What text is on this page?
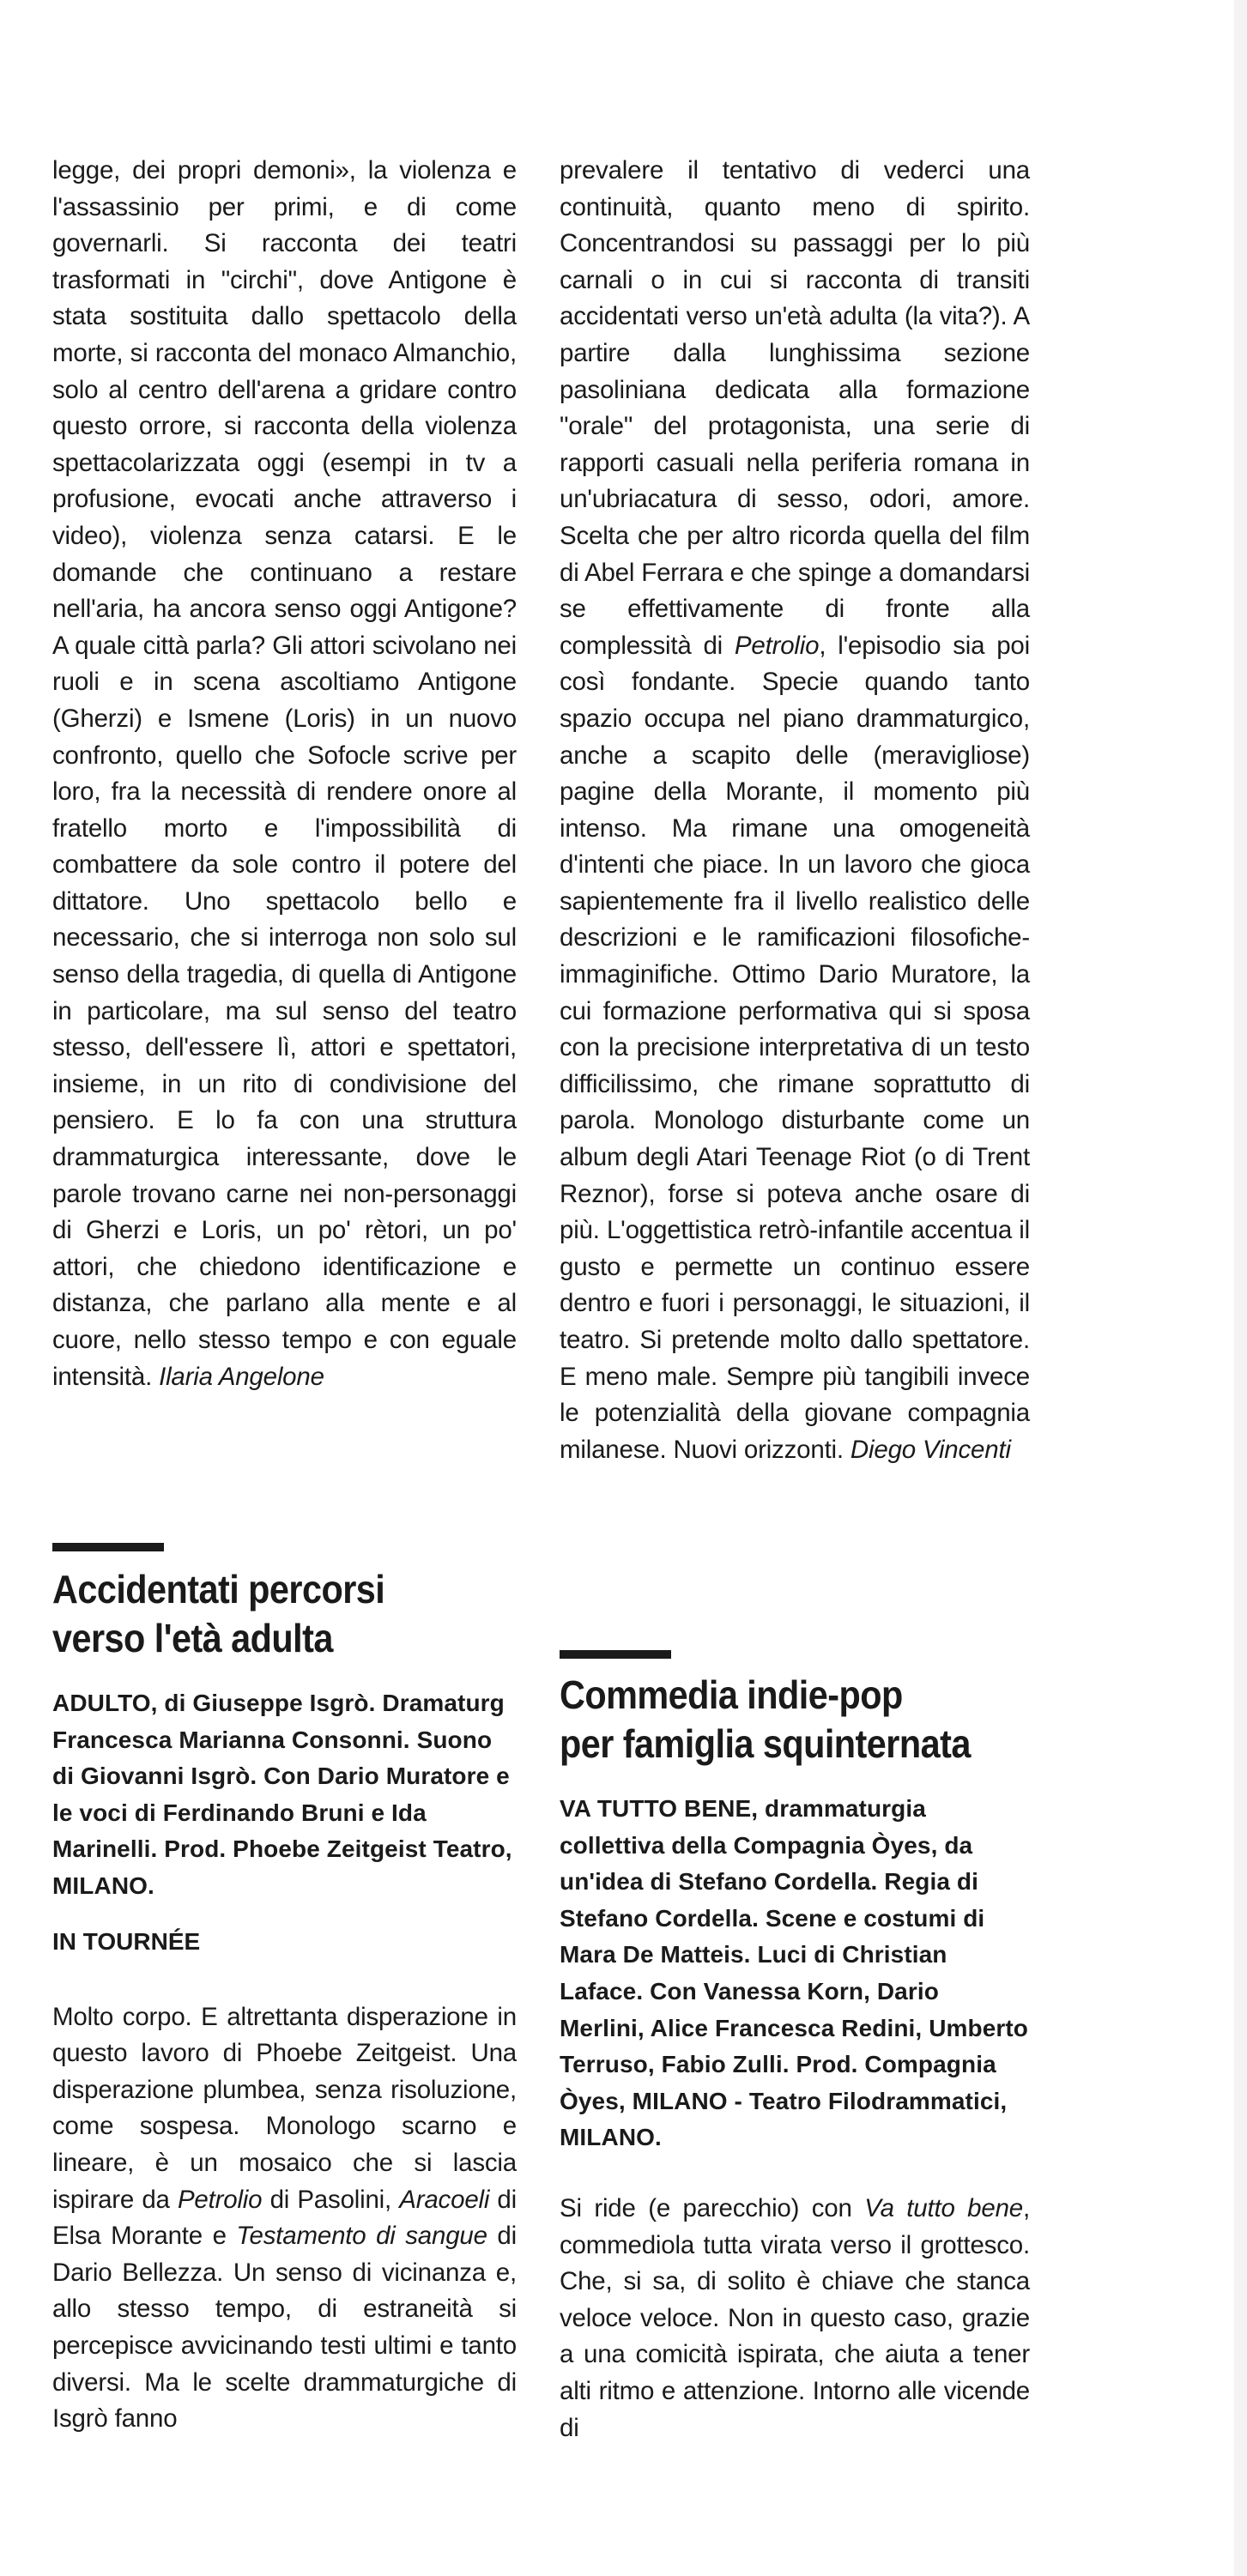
legge, dei propri demoni», la violenza e l'assassinio per primi, e di come governarli. Si racconta dei teatri trasformati in "circhi", dove Antigone è stata sostituita dallo spettacolo della morte, si racconta del monaco Almanchio, solo al centro dell'arena a gridare contro questo orrore, si racconta della violenza spettacolarizzata oggi (esempi in tv a profusione, evocati anche attraverso i video), violenza senza catarsi. E le domande che continuano a restare nell'aria, ha ancora senso oggi Antigone? A quale città parla? Gli attori scivolano nei ruoli e in scena ascoltiamo Antigone (Gherzi) e Ismene (Loris) in un nuovo confronto, quello che Sofocle scrive per loro, fra la necessità di rendere onore al fratello morto e l'impossibilità di combattere da sole contro il potere del dittatore. Uno spettacolo bello e necessario, che si interroga non solo sul senso della tragedia, di quella di Antigone in particolare, ma sul senso del teatro stesso, dell'essere lì, attori e spettatori, insieme, in un rito di condivisione del pensiero. E lo fa con una struttura drammaturgica interessante, dove le parole trovano carne nei non-personaggi di Gherzi e Loris, un po' rètori, un po' attori, che chiedono identificazione e distanza, che parlano alla mente e al cuore, nello stesso tempo e con eguale intensità. Ilaria Angelone

Accidentati percorsi
verso l'età adulta

ADULTO, di Giuseppe Isgrò. Dramaturg Francesca Marianna Consonni. Suono di Giovanni Isgrò. Con Dario Muratore e le voci di Ferdinando Bruni e Ida Marinelli. Prod. Phoebe Zeitgeist Teatro, MILANO.

IN TOURNÉE

Molto corpo. E altrettanta disperazione in questo lavoro di Phoebe Zeitgeist. Una disperazione plumbea, senza risoluzione, come sospesa. Monologo scarno e lineare, è un mosaico che si lascia ispirare da Petrolio di Pasolini, Aracoeli di Elsa Morante e Testamento di sangue di Dario Bellezza. Un senso di vicinanza e, allo stesso tempo, di estraneità si percepisce avvicinando testi ultimi e tanto diversi. Ma le scelte drammaturgiche di Isgrò fanno

prevalere il tentativo di vederci una continuità, quanto meno di spirito. Concentrandosi su passaggi per lo più carnali o in cui si racconta di transiti accidentati verso un'età adulta (la vita?). A partire dalla lunghissima sezione pasoliniana dedicata alla formazione "orale" del protagonista, una serie di rapporti casuali nella periferia romana in un'ubriacatura di sesso, odori, amore. Scelta che per altro ricorda quella del film di Abel Ferrara e che spinge a domandarsi se effettivamente di fronte alla complessità di Petrolio, l'episodio sia poi così fondante. Specie quando tanto spazio occupa nel piano drammaturgico, anche a scapito delle (meravigliose) pagine della Morante, il momento più intenso. Ma rimane una omogeneità d'intenti che piace. In un lavoro che gioca sapientemente fra il livello realistico delle descrizioni e le ramificazioni filosofiche-immaginifiche. Ottimo Dario Muratore, la cui formazione performativa qui si sposa con la precisione interpretativa di un testo difficilissimo, che rimane soprattutto di parola. Monologo disturbante come un album degli Atari Teenage Riot (o di Trent Reznor), forse si poteva anche osare di più. L'oggettistica retrò-infantile accentua il gusto e permette un continuo essere dentro e fuori i personaggi, le situazioni, il teatro. Si pretende molto dallo spettatore. E meno male. Sempre più tangibili invece le potenzialità della giovane compagnia milanese. Nuovi orizzonti. Diego Vincenti

Commedia indie-pop
per famiglia squinternata

VA TUTTO BENE, drammaturgia collettiva della Compagnia Òyes, da un'idea di Stefano Cordella. Regia di Stefano Cordella. Scene e costumi di Mara De Matteis. Luci di Christian Laface. Con Vanessa Korn, Dario Merlini, Alice Francesca Redini, Umberto Terruso, Fabio Zulli. Prod. Compagnia Òyes, MILANO - Teatro Filodrammatici, MILANO.

Si ride (e parecchio) con Va tutto bene, commediola tutta virata verso il grottesco. Che, si sa, di solito è chiave che stanca veloce veloce. Non in questo caso, grazie a una comicità ispirata, che aiuta a tener alti ritmo e attenzione. Intorno alle vicende di
